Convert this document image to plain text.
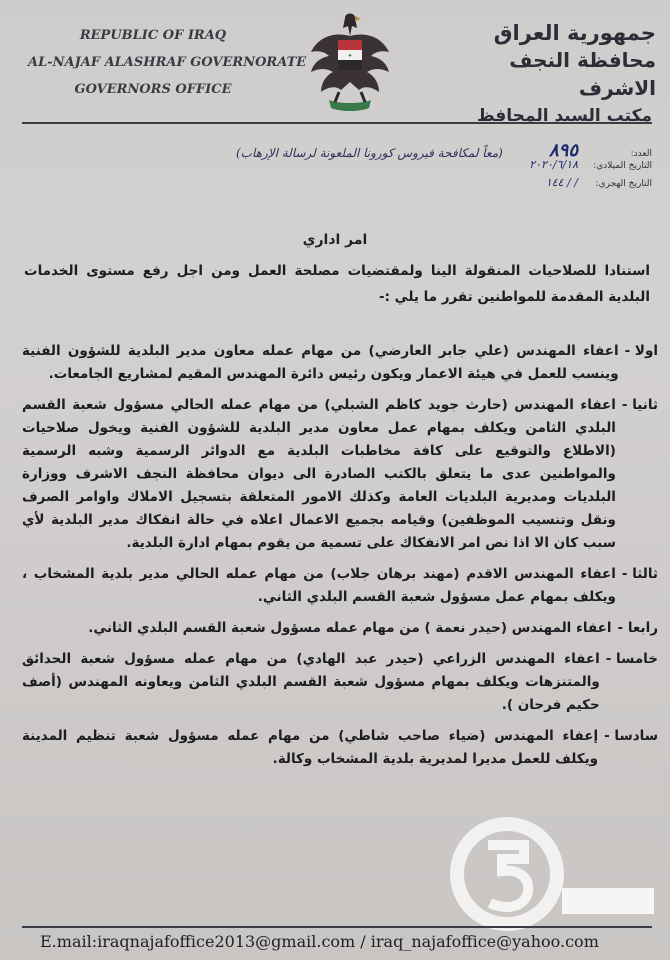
REPUBLIC OF IRAQ
AL-NAJAF ALASHRAF GOVERNORATE
GOVERNORS OFFICE
✦
جمهورية العراق
محافظة النجف الاشرف
مكتب السيد المحافظ
(معاً لمكافحة فيروس كورونا الملعونة لرسالة الإرهاب)	العدد:
٨٩٥
التاريخ الميلادي:
٢٠٢٠/٦/١٨
التاريخ الهجري:
/ / ١٤٤
امر اداري
استنادا للصلاحيات المنقولة الينا ولمقتضيات مصلحة العمل ومن اجل رفع مستوى الخدمات البلدية المقدمة للمواطنين تقرر ما يلي :-
اولا -
اعفاء المهندس (علي جابر العارضي) من مهام عمله معاون مدير البلدية للشؤون الفنية وينسب للعمل في هيئة الاعمار ويكون رئيس دائرة المهندس المقيم لمشاريع الجامعات.
ثانيا -
اعفاء المهندس (حارث جويد كاظم الشبلي) من مهام عمله الحالي مسؤول شعبة القسم البلدي الثامن ويكلف بمهام عمل معاون مدير البلدية للشؤون الفنية ويخول صلاحيات (الاطلاع والتوقيع على كافة مخاطبات البلدية مع الدوائر الرسمية وشبه الرسمية والمواطنين عدى ما يتعلق بالكتب الصادرة الى ديوان محافظة النجف الاشرف ووزارة البلديات ومديرية البلديات العامة وكذلك الامور المتعلقة بتسجيل الاملاك واوامر الصرف ونقل وتنسيب الموظفين) وقيامه بجميع الاعمال اعلاه في حالة انفكاك مدير البلدية لأي سبب كان الا اذا نص امر الانفكاك على تسمية من يقوم بمهام ادارة البلدية.
ثالثا -
اعفاء المهندس الاقدم (مهند برهان جلاب) من مهام عمله الحالي مدير بلدية المشخاب ، ويكلف بمهام عمل مسؤول شعبة القسم البلدي الثاني.
رابعا -
اعفاء المهندس (حيدر نعمة ) من مهام عمله مسؤول شعبة القسم البلدي الثاني.
خامسا -
اعفاء المهندس الزراعي (حيدر عبد الهادي) من مهام عمله مسؤول شعبة الحدائق والمتنزهات ويكلف بمهام مسؤول شعبة القسم البلدي الثامن ويعاونه المهندس (أصف حكيم فرحان ).
سادسا -
إعفاء المهندس (ضياء صاحب شاطي) من مهام عمله مسؤول شعبة تنظيم المدينة ويكلف للعمل مديرا لمديرية بلدية المشخاب وكالة.
E.mail:iraqnajafoffice2013@gmail.com / iraq_najafoffice@yahoo.com
